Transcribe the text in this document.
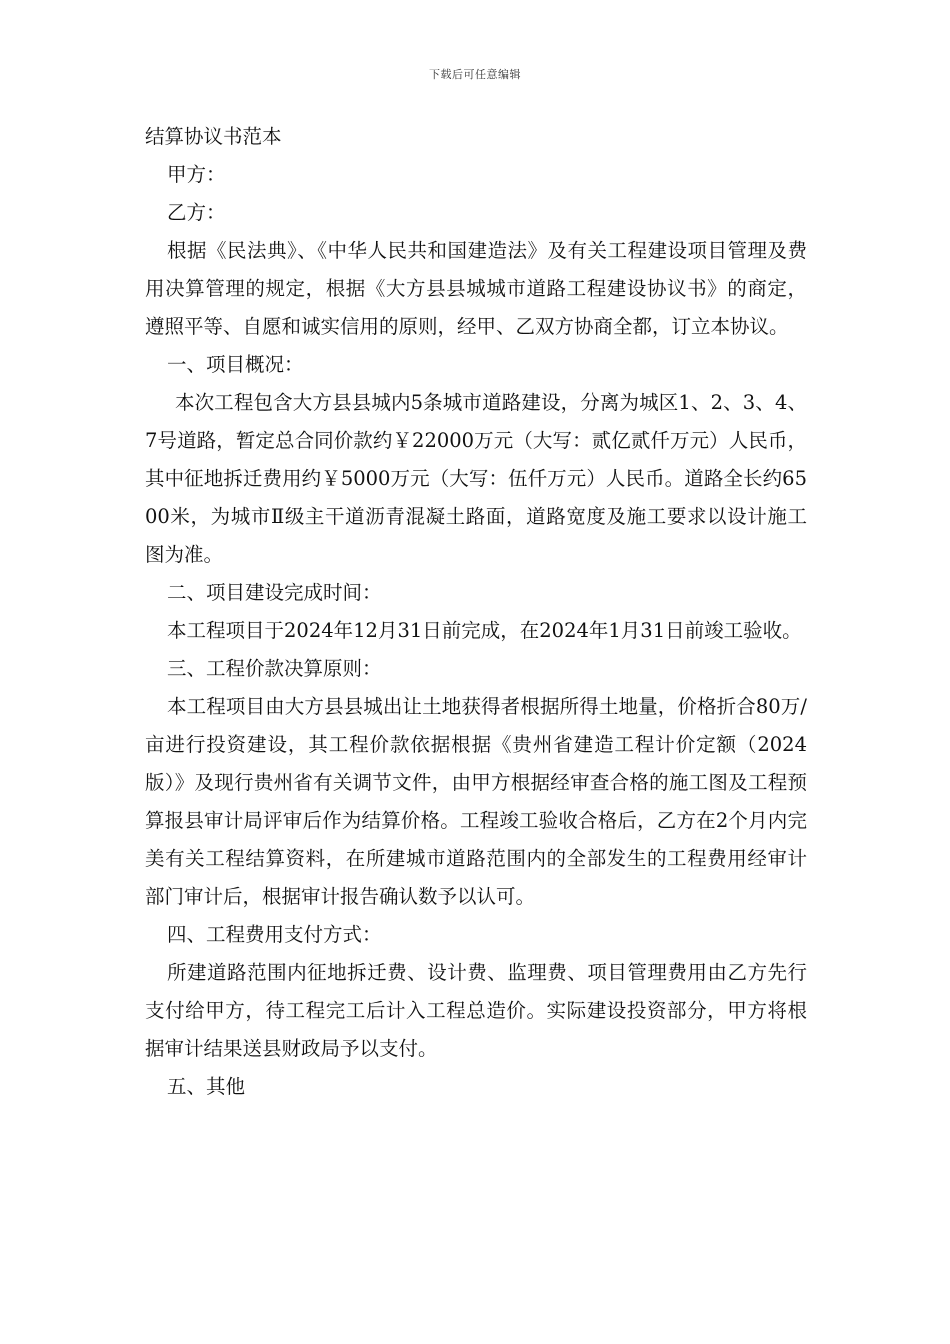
下载后可任意编辑

结算协议书范本

甲方：

乙方：

根据《民法典》、《中华人民共和国建造法》及有关工程建设项目管理及费用决算管理的规定，根据《大方县县城城市道路工程建设协议书》的商定，遵照平等、自愿和诚实信用的原则，经甲、乙双方协商全都，订立本协议。

一、项目概况：

本次工程包含大方县县城内5条城市道路建设，分离为城区1、2、3、4、7号道路，暂定总合同价款约￥22000万元（大写：贰亿贰仟万元）人民币，其中征地拆迁费用约￥5000万元（大写：伍仟万元）人民币。道路全长约6500米，为城市Ⅱ级主干道沥青混凝土路面，道路宽度及施工要求以设计施工图为准。

二、项目建设完成时间：

本工程项目于2024年12月31日前完成，在2024年1月31日前竣工验收。

三、工程价款决算原则：

本工程项目由大方县县城出让土地获得者根据所得土地量，价格折合80万/亩进行投资建设，其工程价款依据根据《贵州省建造工程计价定额（2024版）》及现行贵州省有关调节文件，由甲方根据经审查合格的施工图及工程预算报县审计局评审后作为结算价格。工程竣工验收合格后，乙方在2个月内完美有关工程结算资料，在所建城市道路范围内的全部发生的工程费用经审计部门审计后，根据审计报告确认数予以认可。

四、工程费用支付方式：

所建道路范围内征地拆迁费、设计费、监理费、项目管理费用由乙方先行支付给甲方，待工程完工后计入工程总造价。实际建设投资部分，甲方将根据审计结果送县财政局予以支付。

五、其他
